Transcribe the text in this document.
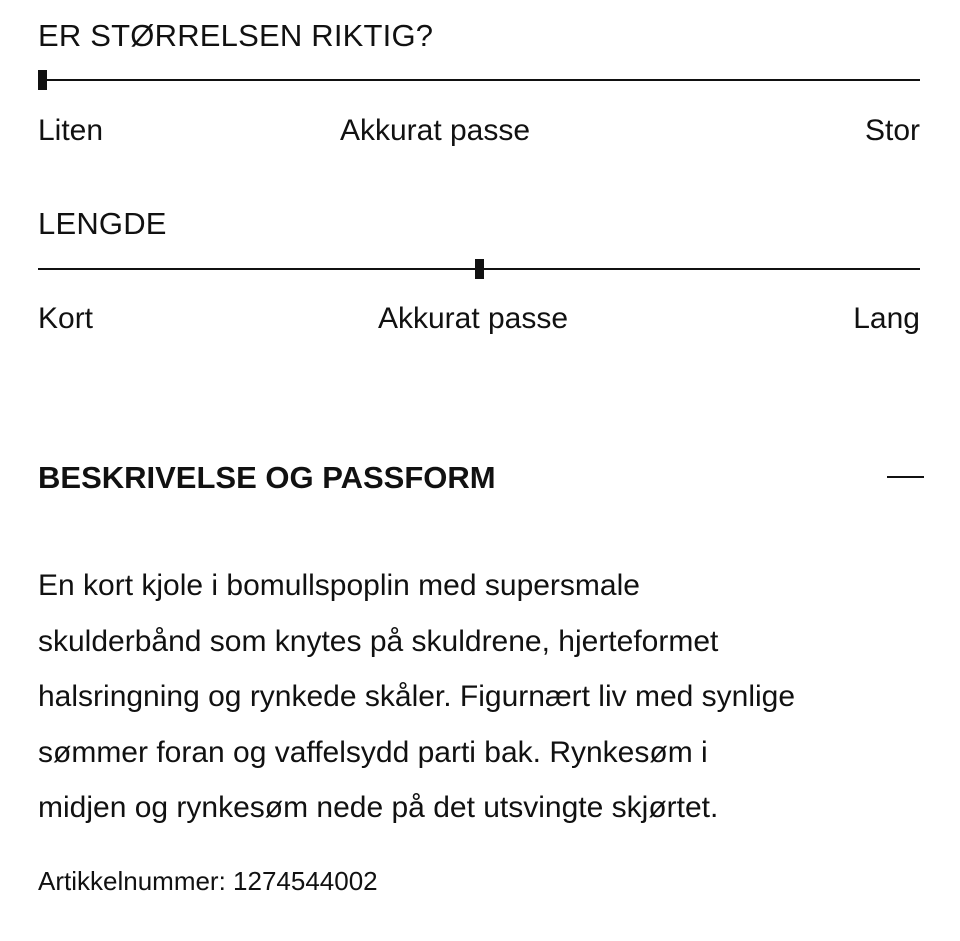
ER STØRRELSEN RIKTIG?
Liten	Akkurat passe	Stor
LENGDE
Kort	Akkurat passe	Lang
BESKRIVELSE OG PASSFORM

En kort kjole i bomullspoplin med supersmale
skulderbånd som knytes på skuldrene, hjerteformet
halsringning og rynkede skåler. Figurnært liv med synlige
sømmer foran og vaffelsydd parti bak. Rynkesøm i
midjen og rynkesøm nede på det utsvingte skjørtet.

Artikkelnummer: 1274544002
